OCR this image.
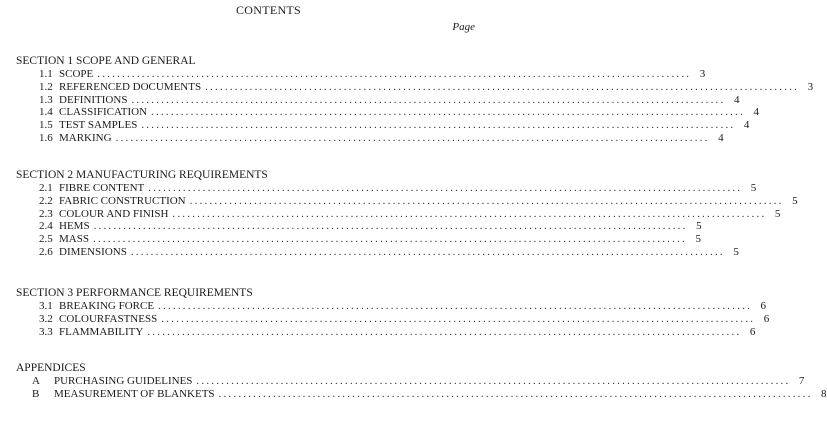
CONTENTS
Page
SECTION 1 SCOPE AND GENERAL
1.1 SCOPE ........................................................................................................................ 3
1.2 REFERENCED DOCUMENTS ........................................................................................................................ 3
1.3 DEFINITIONS ........................................................................................................................ 4
1.4 CLASSIFICATION ........................................................................................................................ 4
1.5 TEST SAMPLES ........................................................................................................................ 4
1.6 MARKING ........................................................................................................................ 4
SECTION 2 MANUFACTURING REQUIREMENTS
2.1 FIBRE CONTENT ........................................................................................................................ 5
2.2 FABRIC CONSTRUCTION ........................................................................................................................ 5
2.3 COLOUR AND FINISH ........................................................................................................................ 5
2.4 HEMS ........................................................................................................................ 5
2.5 MASS ........................................................................................................................ 5
2.6 DIMENSIONS ........................................................................................................................ 5
SECTION 3 PERFORMANCE REQUIREMENTS
3.1 BREAKING FORCE ........................................................................................................................ 6
3.2 COLOURFASTNESS ........................................................................................................................ 6
3.3 FLAMMABILITY ........................................................................................................................ 6
APPENDICES
A	PURCHASING GUIDELINES ........................................................................................................................ 7
B	MEASUREMENT OF BLANKETS ........................................................................................................................ 8
